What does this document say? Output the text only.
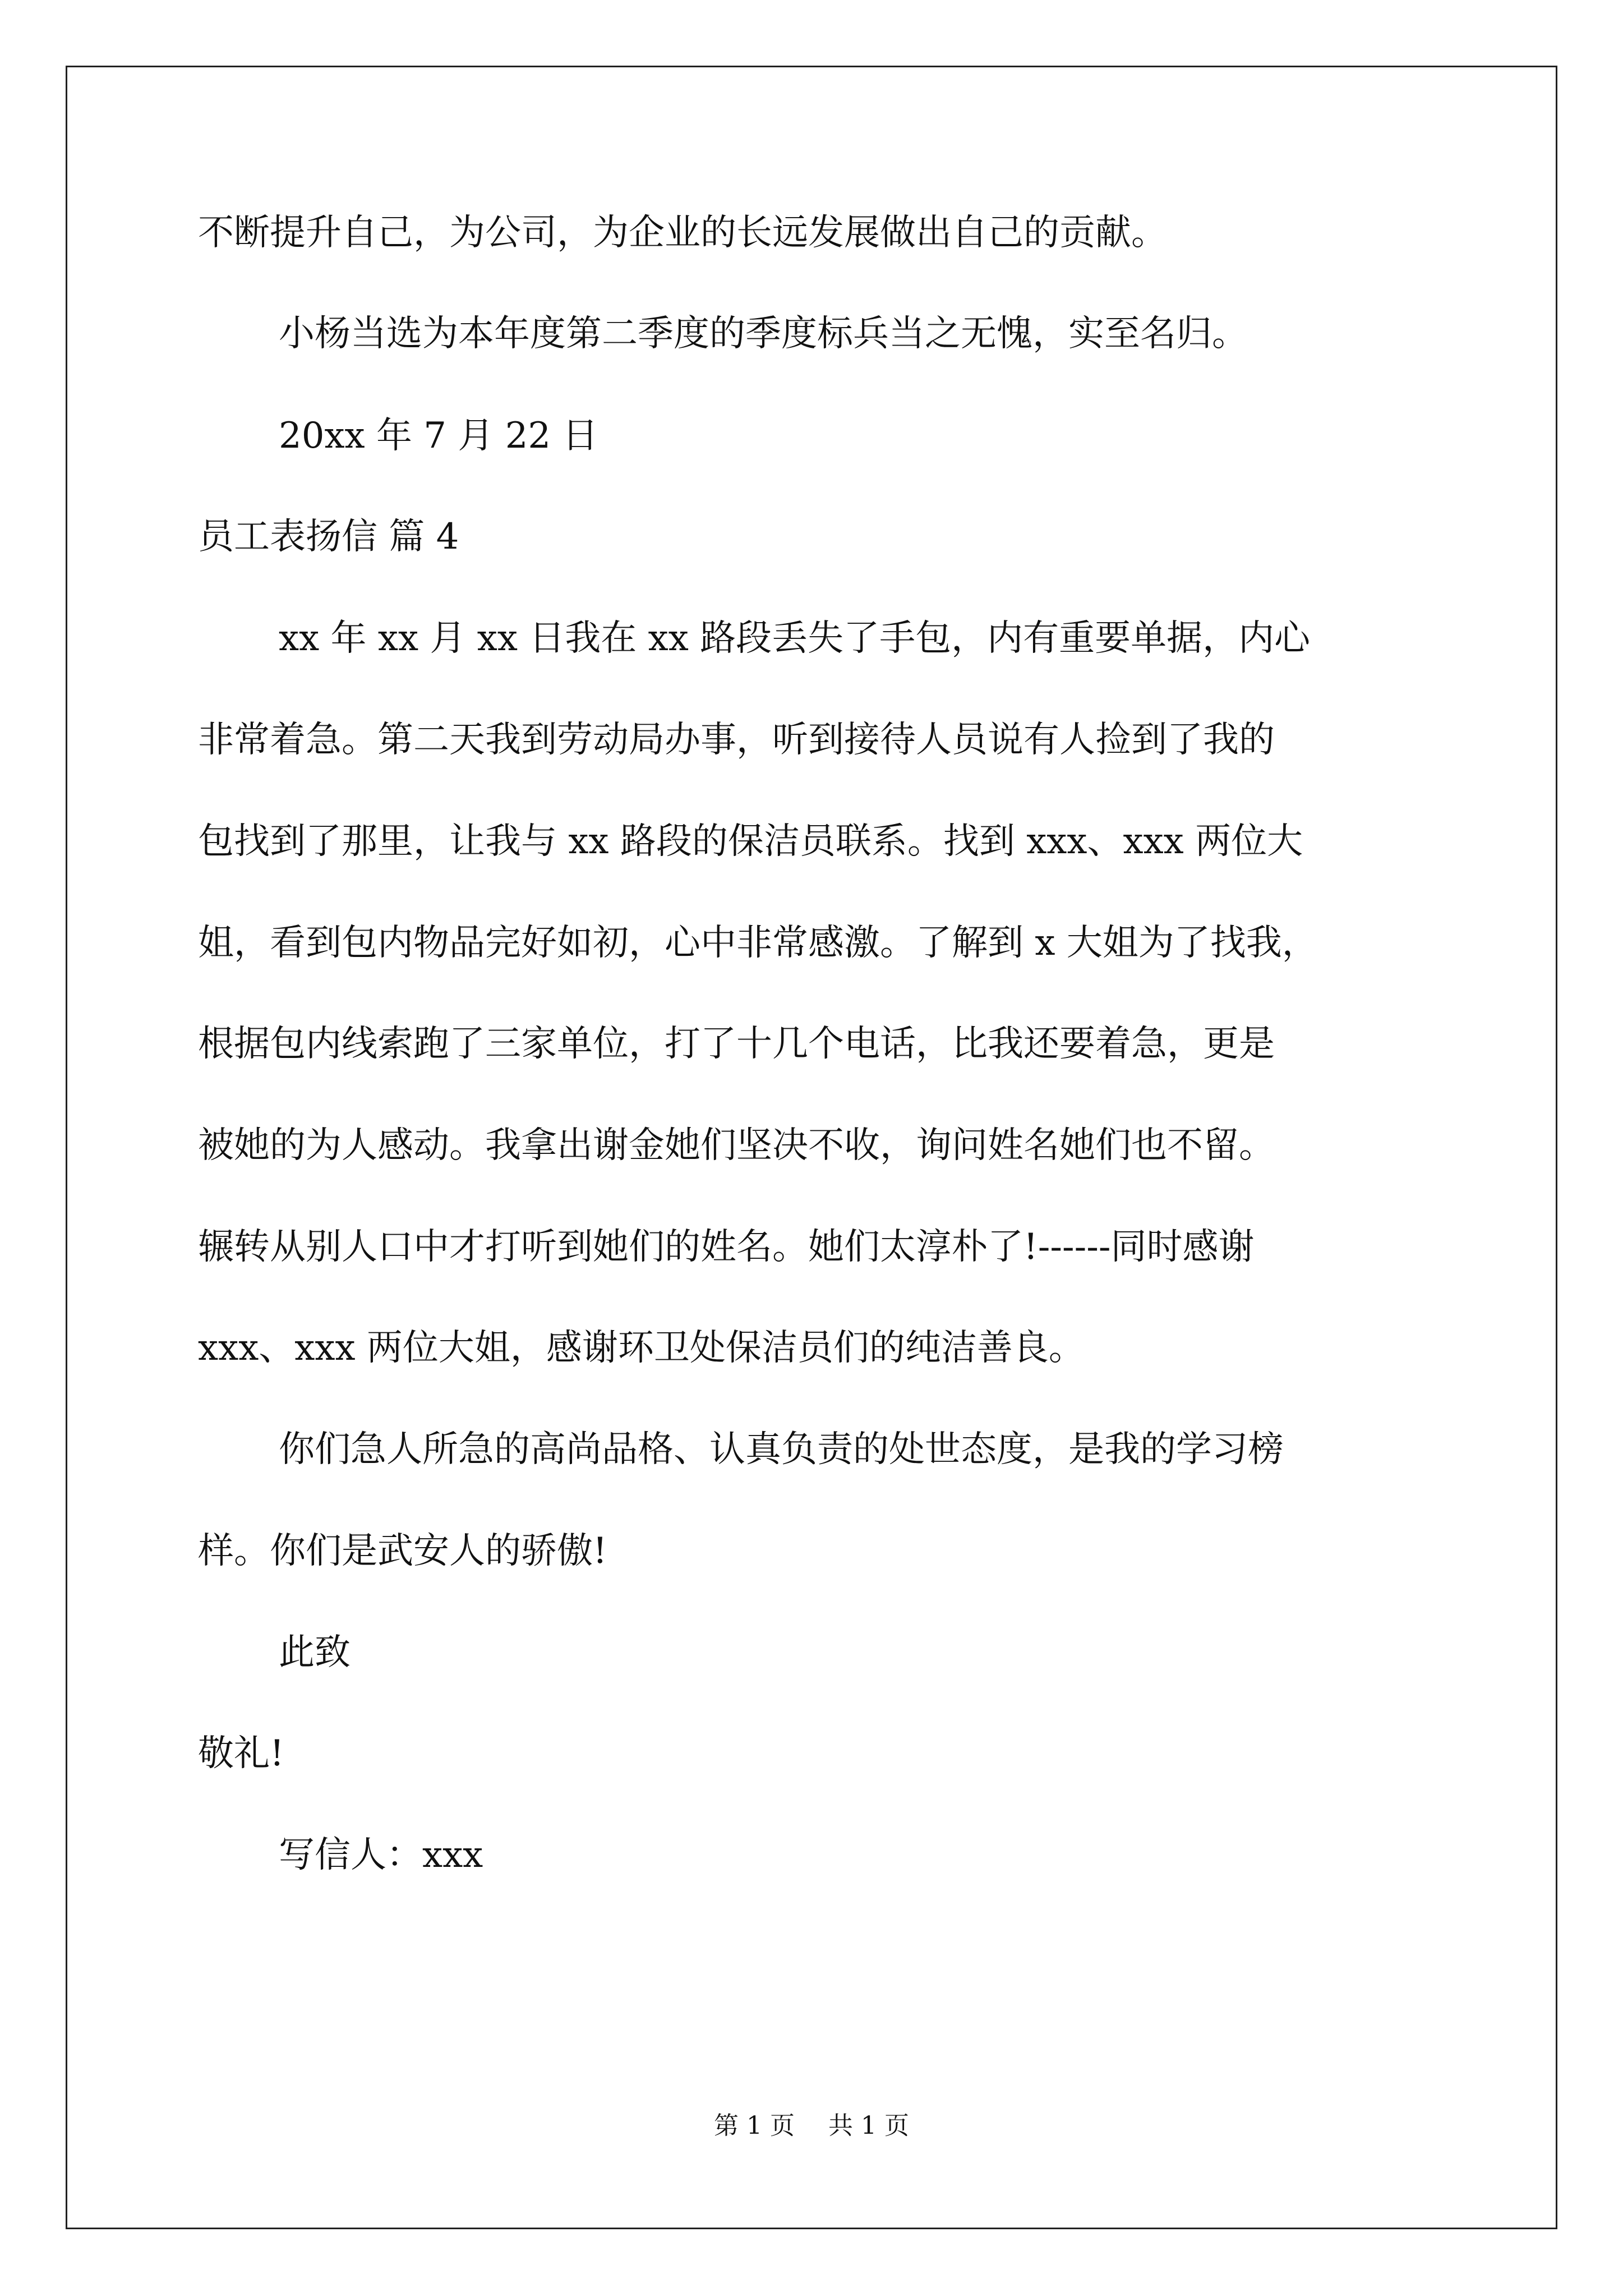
不断提升自己，为公司，为企业的长远发展做出自己的贡献。
小杨当选为本年度第二季度的季度标兵当之无愧，实至名归。
20xx 年 7 月 22 日
员工表扬信 篇 4
xx 年 xx 月 xx 日我在 xx 路段丢失了手包，内有重要单据，内心
非常着急。第二天我到劳动局办事，听到接待人员说有人捡到了我的
包找到了那里，让我与 xx 路段的保洁员联系。找到 xxx、xxx 两位大
姐，看到包内物品完好如初，心中非常感激。了解到 x 大姐为了找我，
根据包内线索跑了三家单位，打了十几个电话，比我还要着急，更是
被她的为人感动。我拿出谢金她们坚决不收，询问姓名她们也不留。
辗转从别人口中才打听到她们的姓名。她们太淳朴了!------同时感谢
xxx、xxx 两位大姐，感谢环卫处保洁员们的纯洁善良。
你们急人所急的高尚品格、认真负责的处世态度，是我的学习榜
样。你们是武安人的骄傲!
此致
敬礼!
写信人：xxx
第 1 页 共 1 页
